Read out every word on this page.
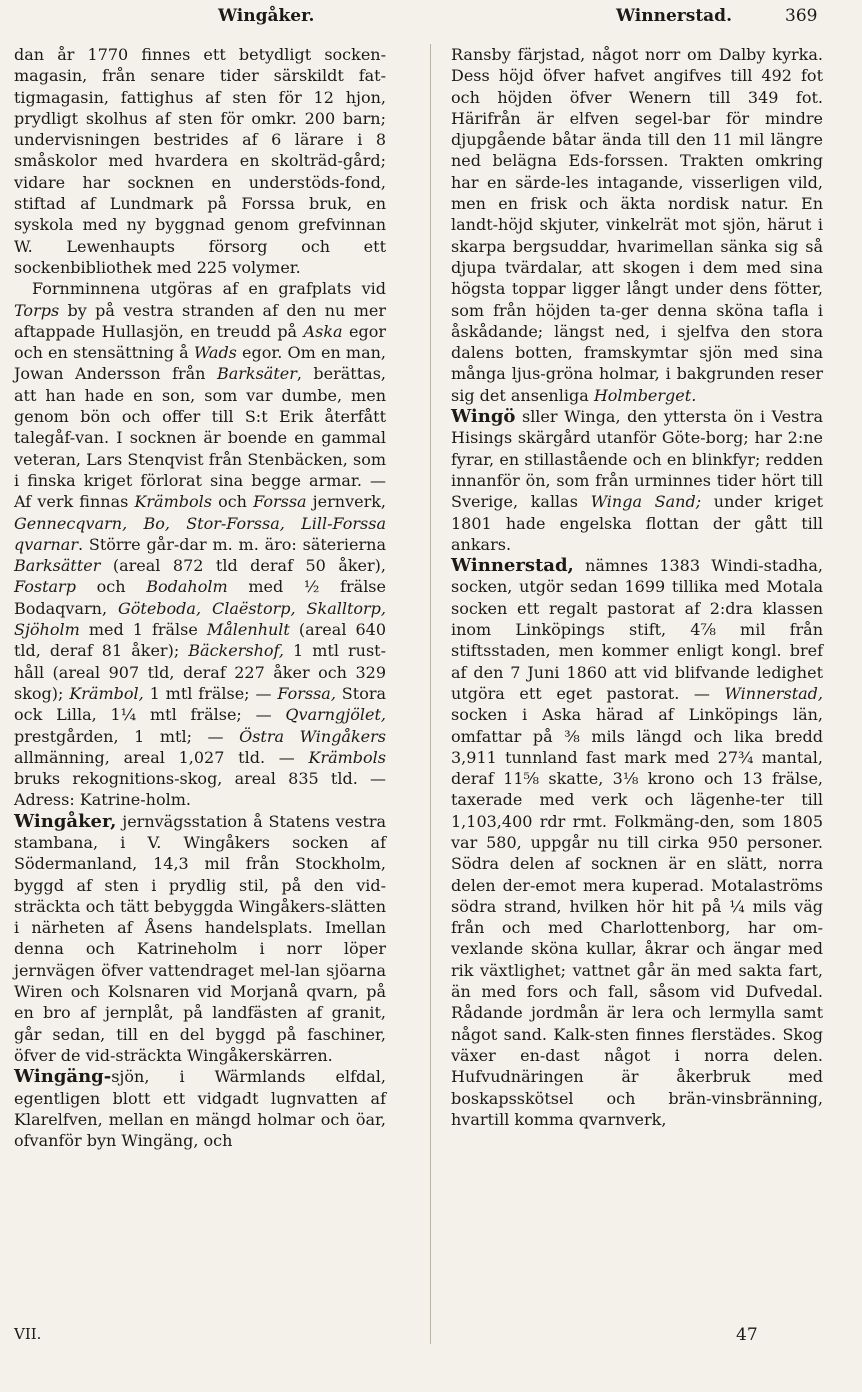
Wingåker.	Winnerstad.	369

dan år 1770 finnes ett betydligt socken-magasin, från senare tider särskildt fat-tigmagasin, fattighus af sten för 12 hjon, prydligt skolhus af sten för omkr. 200 barn; undervisningen bestrides af 6 lärare i 8 småskolor med hvardera en skolträd-gård; vidare har socknen en understöds-fond, stiftad af Lundmark på Forssa bruk, en syskola med ny byggnad genom grefvinnan W. Lewenhaupts försorg och ett sockenbibliothek med 225 volymer.

Fornminnena utgöras af en grafplats vid Torps by på vestra stranden af den nu mer aftappade Hullasjön, en treudd på Aska egor och en stensättning å Wads egor. Om en man, Jowan Andersson från Barksäter, berättas, att han hade en son, som var dumbe, men genom bön och offer till S:t Erik återfått talegåf-van. I socknen är boende en gammal veteran, Lars Stenqvist från Stenbäcken, som i finska kriget förlorat sina begge armar. — Af verk finnas Krämbols och Forssa jernverk, Gennecqvarn, Bo, Stor-Forssa, Lill-Forssa qvarnar. Större går-dar m. m. äro: säterierna Barksätter (areal 872 tld deraf 50 åker), Fostarp och Bodaholm med ½ frälse Bodaqvarn, Göteboda, Claëstorp, Skalltorp, Sjöholm med 1 frälse Målenhult (areal 640 tld, deraf 81 åker); Bäckershof, 1 mtl rust-håll (areal 907 tld, deraf 227 åker och 329 skog); Krämbol, 1 mtl frälse; — Forssa, Stora ock Lilla, 1¼ mtl frälse; — Qvarngjölet, prestgården, 1 mtl; — Östra Wingåkers allmänning, areal 1,027 tld. — Krämbols bruks rekognitions-skog, areal 835 tld. — Adress: Katrine-holm.

Wingåker, jernvägsstation å Statens vestra stambana, i V. Wingåkers socken af Södermanland, 14,3 mil från Stockholm, byggd af sten i prydlig stil, på den vid-sträckta och tätt bebyggda Wingåkers-slätten i närheten af Åsens handelsplats. Imellan denna och Katrineholm i norr löper jernvägen öfver vattendraget mel-lan sjöarna Wiren och Kolsnaren vid Morjanå qvarn, på en bro af jernplåt, på landfästen af granit, går sedan, till en del byggd på faschiner, öfver de vid-sträckta Wingåkerskärren.

Wingäng-sjön, i Wärmlands elfdal, egentligen blott ett vidgadt lugnvatten af Klarelfven, mellan en mängd holmar och öar, ofvanför byn Wingäng, och

Ransby färjstad, något norr om Dalby kyrka. Dess höjd öfver hafvet angifves till 492 fot och höjden öfver Wenern till 349 fot. Härifrån är elfven segel-bar för mindre djupgående båtar ända till den 11 mil längre ned belägna Eds-forssen. Trakten omkring har en särde-les intagande, visserligen vild, men en frisk och äkta nordisk natur. En landt-höjd skjuter, vinkelrät mot sjön, härut i skarpa bergsuddar, hvarimellan sänka sig så djupa tvärdalar, att skogen i dem med sina högsta toppar ligger långt under dens fötter, som från höjden ta-ger denna sköna tafla i åskådande; längst ned, i sjelfva den stora dalens botten, framskymtar sjön med sina många ljus-gröna holmar, i bakgrunden reser sig det ansenliga Holmberget.

Wingö sller Winga, den yttersta ön i Vestra Hisings skärgård utanför Göte-borg; har 2:ne fyrar, en stillastående och en blinkfyr; redden innanför ön, som från urminnes tider hört till Sverige, kallas Winga Sand; under kriget 1801 hade engelska flottan der gått till ankars.

Winnerstad, nämnes 1383 Windi-stadha, socken, utgör sedan 1699 tillika med Motala socken ett regalt pastorat af 2:dra klassen inom Linköpings stift, 4⅞ mil från stiftsstaden, men kommer enligt kongl. bref af den 7 Juni 1860 att vid blifvande ledighet utgöra ett eget pastorat. — Winnerstad, socken i Aska härad af Linköpings län, omfattar på ⅜ mils längd och lika bredd 3,911 tunnland fast mark med 27¾ mantal, deraf 11⅝ skatte, 3⅛ krono och 13 frälse, taxerade med verk och lägenhe-ter till 1,103,400 rdr rmt. Folkmäng-den, som 1805 var 580, uppgår nu till cirka 950 personer. Södra delen af socknen är en slätt, norra delen der-emot mera kuperad. Motalaströms södra strand, hvilken hör hit på ¼ mils väg från och med Charlottenborg, har om-vexlande sköna kullar, åkrar och ängar med rik växtlighet; vattnet går än med sakta fart, än med fors och fall, såsom vid Dufvedal. Rådande jordmån är lera och lermylla samt något sand. Kalk-sten finnes flerstädes. Skog växer en-dast något i norra delen. Hufvudnäringen är åkerbruk med boskapsskötsel och brän-vinsbränning, hvartill komma qvarnverk,

VII.	47
